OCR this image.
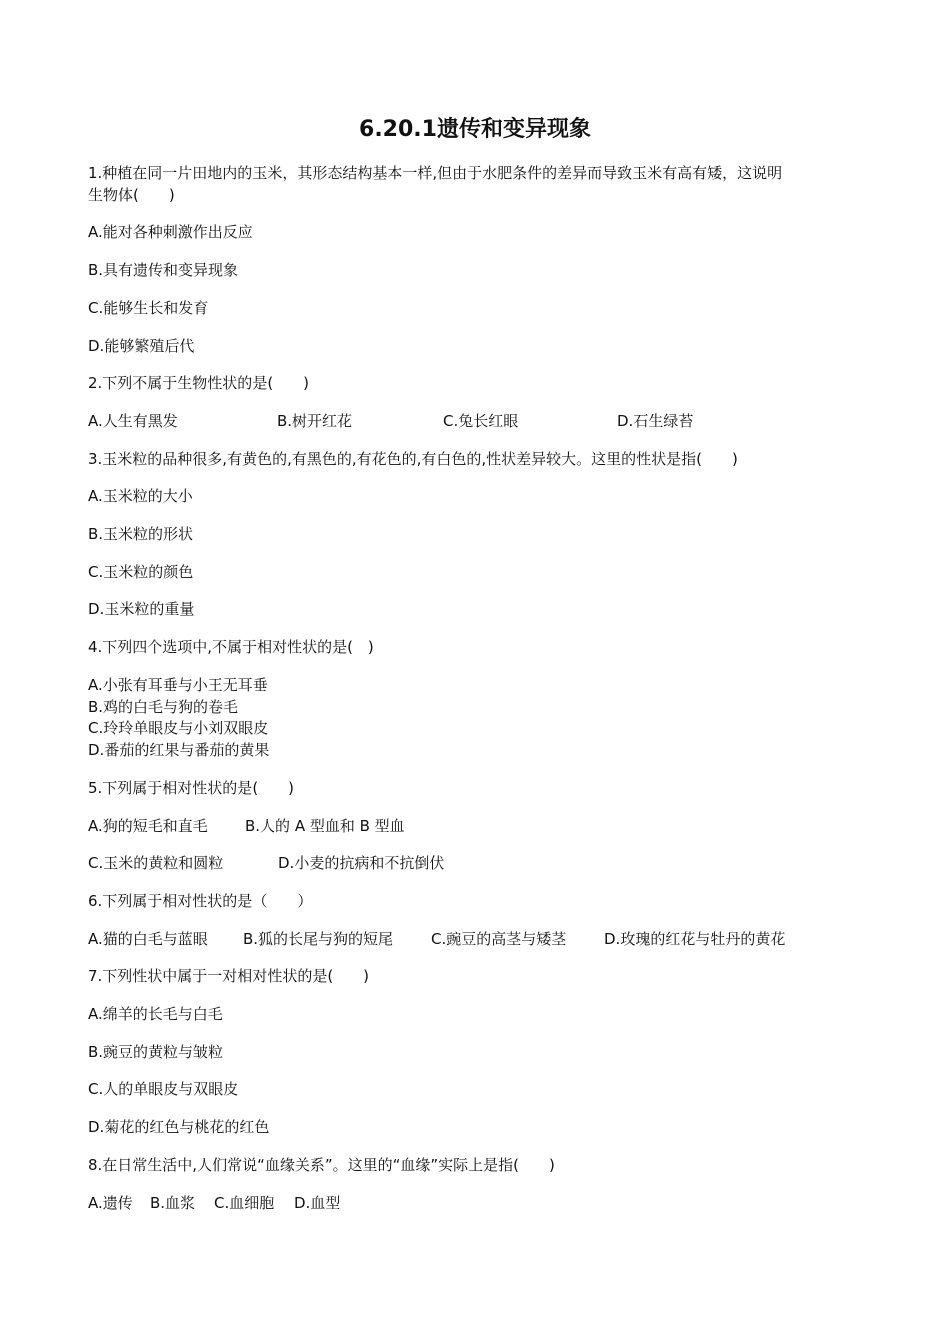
6.20.1遗传和变异现象
1.种植在同一片田地内的玉米，其形态结构基本一样,但由于水肥条件的差异而导致玉米有高有矮，这说明
生物体(　　)
A.能对各种刺激作出反应
B.具有遗传和变异现象
C.能够生长和发育
D.能够繁殖后代
2.下列不属于生物性状的是(　　)
A.人生有黑发	B.树开红花	C.兔长红眼	D.石生绿苔
3.玉米粒的品种很多,有黄色的,有黑色的,有花色的,有白色的,性状差异较大。这里的性状是指(　　)
A.玉米粒的大小
B.玉米粒的形状
C.玉米粒的颜色
D.玉米粒的重量
4.下列四个选项中,不属于相对性状的是(　)
A.小张有耳垂与小王无耳垂
B.鸡的白毛与狗的卷毛
C.玲玲单眼皮与小刘双眼皮
D.番茄的红果与番茄的黄果
5.下列属于相对性状的是(　　)
A.狗的短毛和直毛 B.人的 A 型血和 B 型血
C.玉米的黄粒和圆粒	D.小麦的抗病和不抗倒伏
6.下列属于相对性状的是（　　）
A.猫的白毛与蓝眼 B.狐的长尾与狗的短尾	C.豌豆的高茎与矮茎	D.玫瑰的红花与牡丹的黄花
7.下列性状中属于一对相对性状的是(　　)
A.绵羊的长毛与白毛
B.豌豆的黄粒与皱粒
C.人的单眼皮与双眼皮
D.菊花的红色与桃花的红色
8.在日常生活中,人们常说“血缘关系”。这里的“血缘”实际上是指(　　)
A.遗传 B.血浆 C.血细胞 D.血型
